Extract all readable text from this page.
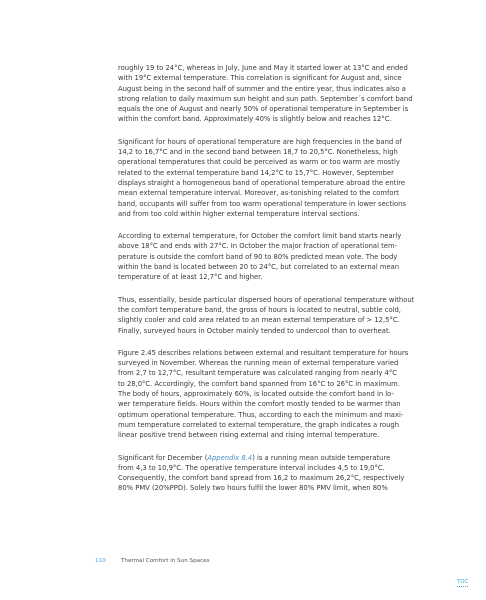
roughly 19 to 24°C, whereas in July, June and May it started lower at 13°C and ended
with 19°C external temperature. This correlation is significant for August and, since
August being in the second half of summer and the entire year, thus indicates also a
strong relation to daily maximum sun height and sun path. September´s comfort band
equals the one of August and nearly 50% of operational temperature in September is
within the comfort band. Approximately 40% is slightly below and reaches 12°C.

Significant for hours of operational temperature are high frequencies in the band of
14,2 to 16,7°C and in the second band between 18,7 to 20,5°C. Nonetheless, high
operational temperatures that could be perceived as warm or too warm are mostly
related to the external temperature band 14,2°C to 15,7°C. However, September
displays straight a homogeneous band of operational temperature abroad the entire
mean external temperature interval. Moreover, as-tonishing related to the comfort
band, occupants will suffer from too warm operational temperature in lower sections
and from too cold within higher external temperature interval sections.

According to external temperature, for October the comfort limit band starts nearly
above 18°C and ends with 27°C. In October the major fraction of operational tem-
perature is outside the comfort band of 90 to 80% predicted mean vote. The body
within the band is located between 20 to 24°C, but correlated to an external mean
temperature of at least 12,7°C and higher.

Thus, essentially, beside particular dispersed hours of operational temperature without
the comfort temperature band, the gross of hours is located to neutral, subtle cold,
slightly cooler and cold area related to an mean external temperature of > 12,5°C.
Finally, surveyed hours in October mainly tended to undercool than to overheat.

Figure 2.45 describes relations between external and resultant temperature for hours
surveyed in November. Whereas the running mean of external temperature varied
from 2,7 to 12,7°C, resultant temperature was calculated ranging from nearly 4°C
to 28,0°C. Accordingly, the comfort band spanned from 16°C to 26°C in maximum.
The body of hours, approximately 60%, is located outside the comfort band in lo-
wer temperature fields. Hours within the comfort mostly tended to be warmer than
optimum operational temperature. Thus, according to each the minimum and maxi-
mum temperature correlated to external temperature, the graph indicates a rough
linear positive trend between rising external and rising internal temperature.

Significant for December (Appendix 8.4) is a running mean outside temperature
from 4,3 to 10,9°C. The operative temperature interval includes 4,5 to 19,0°C.
Consequently, the comfort band spread from 16,2 to maximum 26,2°C, respectively
80% PMV (20%PPD). Solely two hours fulfil the lower 80% PMV limit, when 80%

110	Thermal Comfort in Sun Spaces
TOC
